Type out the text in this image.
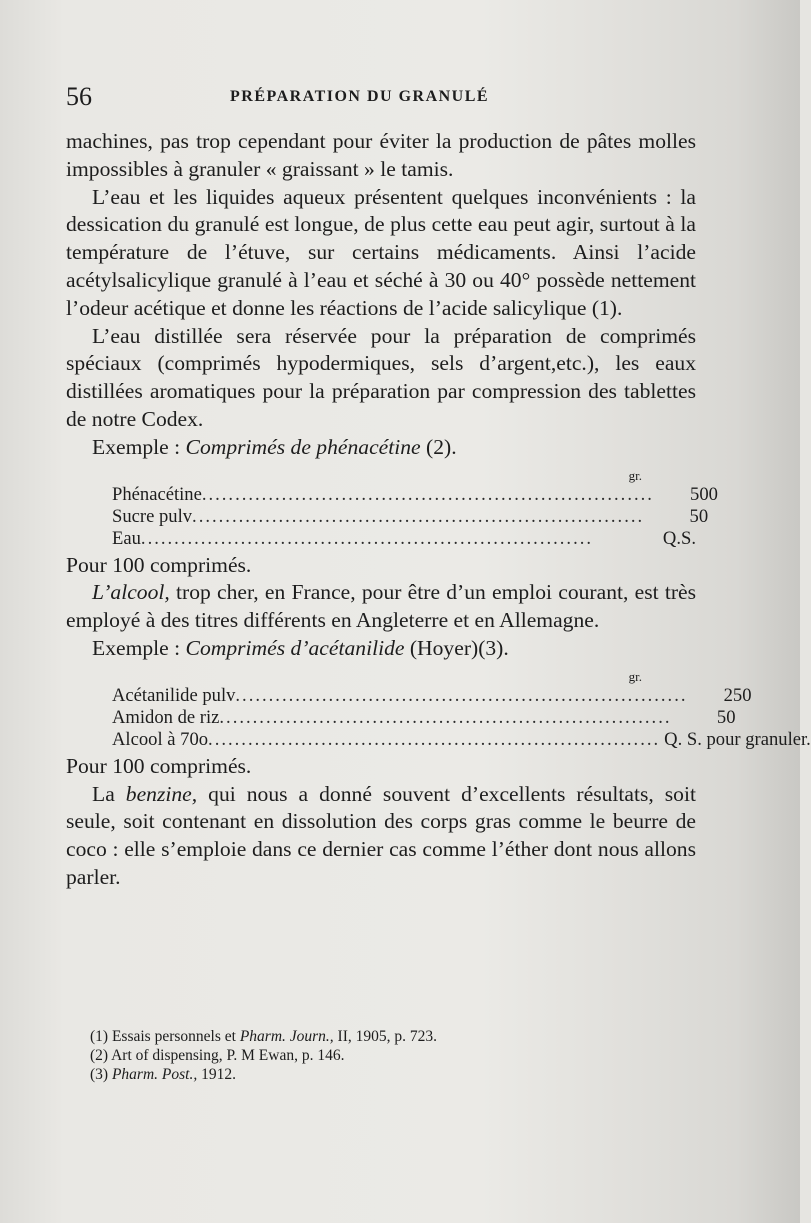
56	PRÉPARATION DU GRANULÉ

machines, pas trop cependant pour éviter la production de pâtes molles impossibles à granuler « graissant » le tamis.

L’eau et les liquides aqueux présentent quelques inconvénients : la dessication du granulé est longue, de plus cette eau peut agir, surtout à la température de l’étuve, sur certains médicaments. Ainsi l’acide acétylsalicylique granulé à l’eau et séché à 30 ou 40° possède nettement l’odeur acétique et donne les réactions de l’acide salicylique (1).

L’eau distillée sera réservée pour la préparation de comprimés spéciaux (comprimés hypodermiques, sels d’argent,etc.), les eaux distillées aromatiques pour la préparation par compression des tablettes de notre Codex.

Exemple : Comprimés de phénacétine (2).
gr.
Phénacétine ....................................................................	500
Sucre pulv ....................................................................	50
Eau ....................................................................	Q.S.

Pour 100 comprimés.

L’alcool, trop cher, en France, pour être d’un emploi courant, est très employé à des titres différents en Angleterre et en Allemagne.

Exemple : Comprimés d’acétanilide (Hoyer)(3).
gr.
Acétanilide pulv ....................................................................	250
Amidon de riz ....................................................................	50
Alcool à 70o .................................................................... Q. S. pour granuler.

Pour 100 comprimés.

La benzine, qui nous a donné souvent d’excellents résultats, soit seule, soit contenant en dissolution des corps gras comme le beurre de coco : elle s’emploie dans ce dernier cas comme l’éther dont nous allons parler.

(1) Essais personnels et Pharm. Journ., II, 1905, p. 723.
(2) Art of dispensing, P. M Ewan, p. 146.
(3) Pharm. Post., 1912.
